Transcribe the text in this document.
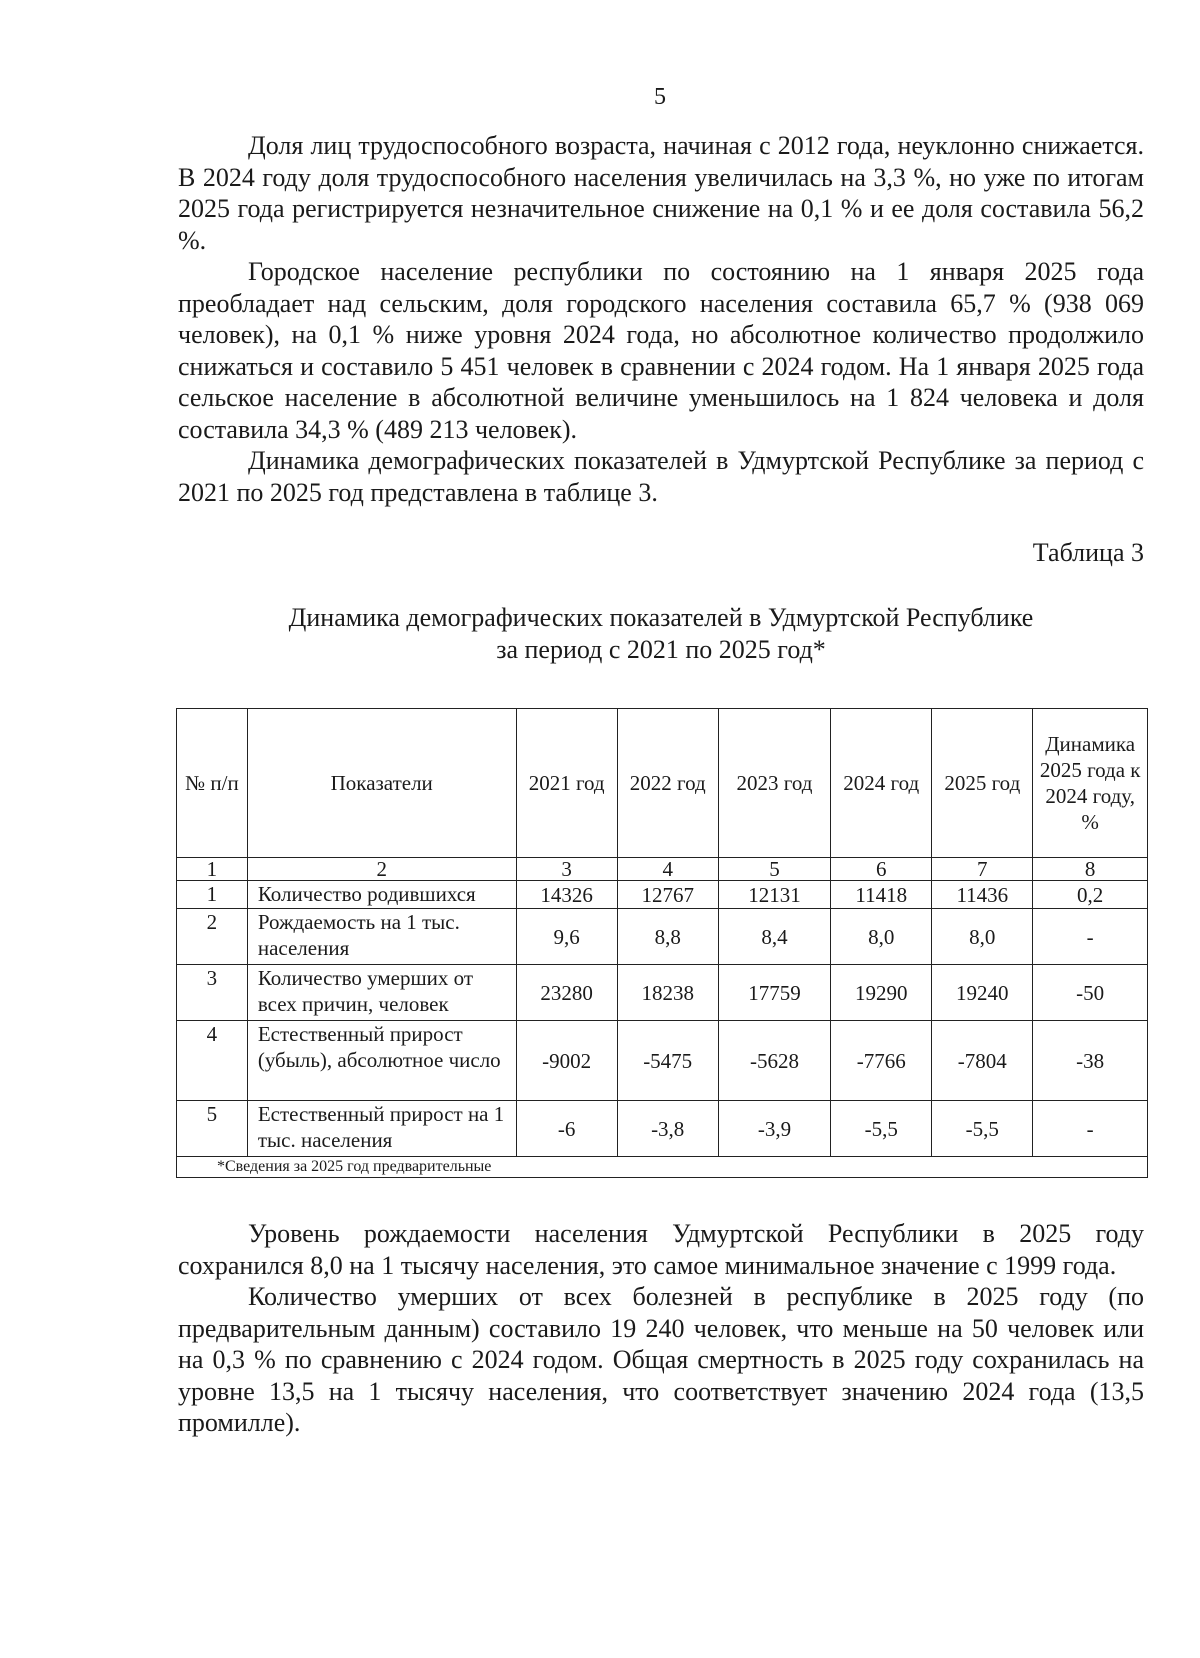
5

Доля лиц трудоспособного возраста, начиная с 2012 года, неуклонно снижается. В 2024 году доля трудоспособного населения увеличилась на 3,3 %, но уже по итогам 2025 года регистрируется незначительное снижение на 0,1 % и ее доля составила 56,2 %.

Городское население республики по состоянию на 1 января 2025 года преобладает над сельским, доля городского населения составила 65,7 % (938 069 человек), на 0,1 % ниже уровня 2024 года, но абсолютное количество продолжило снижаться и составило 5 451 человек в сравнении с 2024 годом. На 1 января 2025 года сельское население в абсолютной величине уменьшилось на 1 824 человека и доля составила 34,3 % (489 213 человек).

Динамика демографических показателей в Удмуртской Республике за период с 2021 по 2025 год представлена в таблице 3.

Таблица 3
Динамика демографических показателей в Удмуртской Республике
за период с 2021 по 2025 год*
№ п/п	Показатели	2021 год	2022 год	2023 год	2024 год	2025 год	Динамика 2025 года к 2024 году, %
1	2	3	4	5	6	7	8
1	Количество родившихся	14326	12767	12131	11418	11436	0,2
2	Рождаемость на 1 тыс. населения	9,6	8,8	8,4	8,0	8,0	-
3	Количество умерших от всех причин, человек	23280	18238	17759	19290	19240	-50
4	Естественный прирост (убыль), абсолютное число	-9002	-5475	-5628	-7766	-7804	-38
5	Естественный прирост на 1 тыс. населения	-6	-3,8	-3,9	-5,5	-5,5	-
*Сведения за 2025 год предварительные							

Уровень рождаемости населения Удмуртской Республики в 2025 году сохранился 8,0 на 1 тысячу населения, это самое минимальное значение с 1999 года.

Количество умерших от всех болезней в республике в 2025 году (по предварительным данным) составило 19 240 человек, что меньше на 50 человек или на 0,3 % по сравнению с 2024 годом. Общая смертность в 2025 году сохранилась на уровне 13,5 на 1 тысячу населения, что соответствует значению 2024 года (13,5 промилле).
